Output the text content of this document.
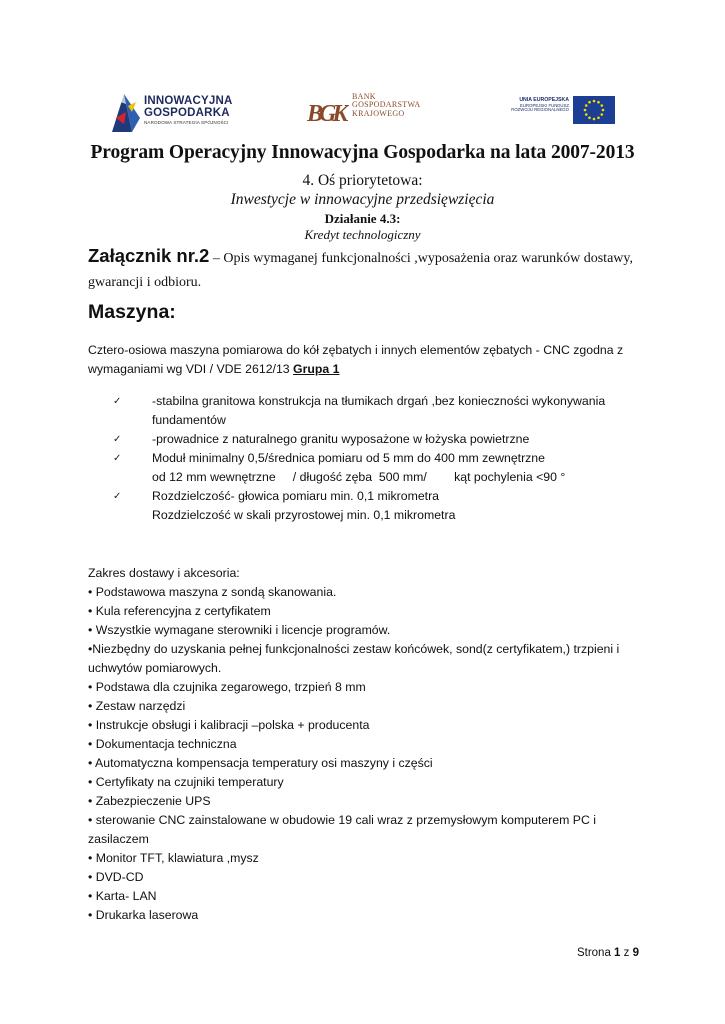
INNOWACYJNA
GOSPODARKA
NARODOWA STRATEGIA SPÓJNOŚCI	BGK
BANK
GOSPODARSTWA
KRAJOWEGO
UNIA EUROPEJSKA
EUROPEJSKI FUNDUSZ
ROZWOJU REGIONALNEGO
Program Operacyjny Innowacyjna Gospodarka na lata 2007-2013
4. Oś priorytetowa:
Inwestycje w innowacyjne przedsięwzięcia
Działanie 4.3:
Kredyt technologiczny
Załącznik nr.2 – Opis wymaganej funkcjonalności ,wyposażenia oraz warunków dostawy, gwarancji i odbioru.
Maszyna:
Cztero-osiowa maszyna pomiarowa do kół zębatych i innych elementów zębatych - CNC zgodna z wymaganiami wg VDI / VDE 2612/13 Grupa 1
✓ -stabilna granitowa konstrukcja na tłumikach drgań ,bez konieczności wykonywania
fundamentów
✓ -prowadnice z naturalnego granitu wyposażone w łożyska powietrzne
✓ Moduł minimalny 0,5/średnica pomiaru od 5 mm do 400 mm zewnętrzne
od 12 mm wewnętrzne     / długość zęba  500 mm/        kąt pochylenia <90 °
✓ Rozdzielczość- głowica pomiaru min. 0,1 mikrometra
Rozdzielczość w skali przyrostowej min. 0,1 mikrometra
Zakres dostawy i akcesoria:
• Podstawowa maszyna z sondą skanowania.
• Kula referencyjna z certyfikatem
• Wszystkie wymagane sterowniki i licencje programów.
•Niezbędny do uzyskania pełnej funkcjonalności zestaw końcówek, sond(z certyfikatem,) trzpieni i uchwytów pomiarowych.
• Podstawa dla czujnika zegarowego, trzpień 8 mm
• Zestaw narzędzi
• Instrukcje obsługi i kalibracji –polska + producenta
• Dokumentacja techniczna
• Automatyczna kompensacja temperatury osi maszyny i części
• Certyfikaty na czujniki temperatury
• Zabezpieczenie UPS
• sterowanie CNC zainstalowane w obudowie 19 cali wraz z przemysłowym komputerem PC i zasilaczem
• Monitor TFT, klawiatura ,mysz
• DVD-CD
• Karta- LAN
• Drukarka laserowa
Strona 1 z 9
